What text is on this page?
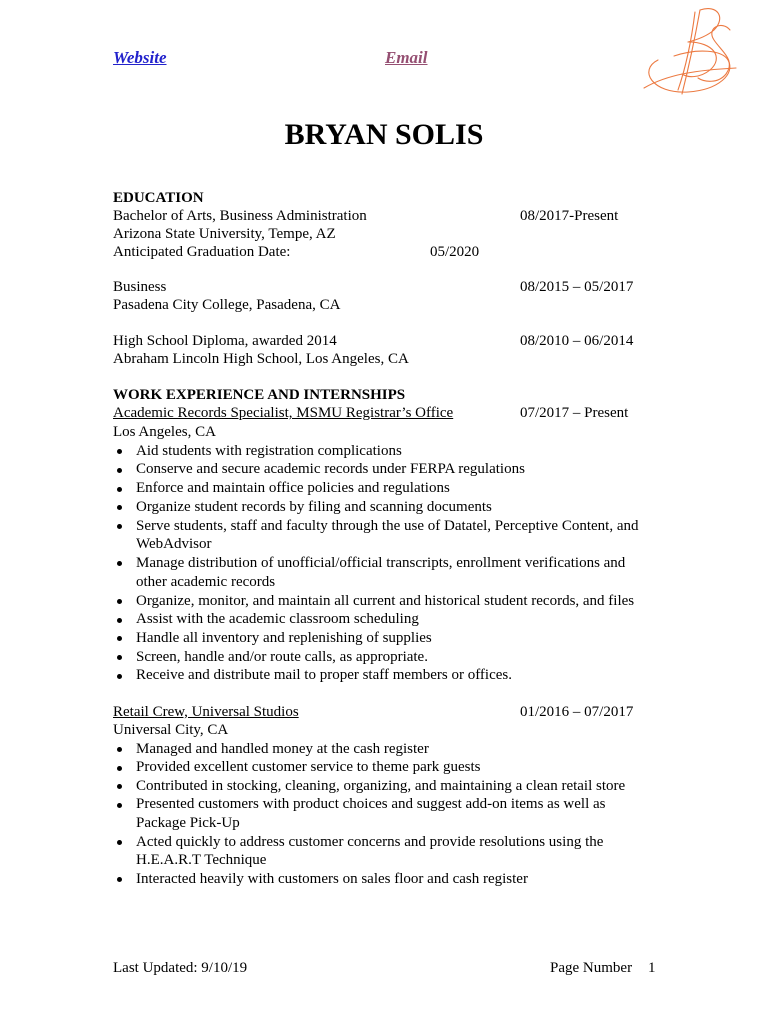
Website	Email
BRYAN SOLIS
EDUCATION
Bachelor of Arts, Business Administration	08/2017-Present
Arizona State University, Tempe, AZ
Anticipated Graduation Date:	05/2020
Business	08/2015 – 05/2017
Pasadena City College, Pasadena, CA
High School Diploma, awarded 2014	08/2010 – 06/2014
Abraham Lincoln High School, Los Angeles, CA
WORK EXPERIENCE AND INTERNSHIPS
Academic Records Specialist, MSMU Registrar’s Office	07/2017 – Present
Los Angeles, CA
Aid students with registration complications
Conserve and secure academic records under FERPA regulations
Enforce and maintain office policies and regulations
Organize student records by filing and scanning documents
Serve students, staff and faculty through the use of Datatel, Perceptive Content, and
WebAdvisor
Manage distribution of unofficial/official transcripts, enrollment verifications and
other academic records
Organize, monitor, and maintain all current and historical student records, and files
Assist with the academic classroom scheduling
Handle all inventory and replenishing of supplies
Screen, handle and/or route calls, as appropriate.
Receive and distribute mail to proper staff members or offices.
Retail Crew, Universal Studios	01/2016 – 07/2017
Universal City, CA
Managed and handled money at the cash register
Provided excellent customer service to theme park guests
Contributed in stocking, cleaning, organizing, and maintaining a clean retail store
Presented customers with product choices and suggest add-on items as well as
Package Pick-Up
Acted quickly to address customer concerns and provide resolutions using the
H.E.A.R.T Technique
Interacted heavily with customers on sales floor and cash register
Last Updated: 9/10/19	Page Number 1
